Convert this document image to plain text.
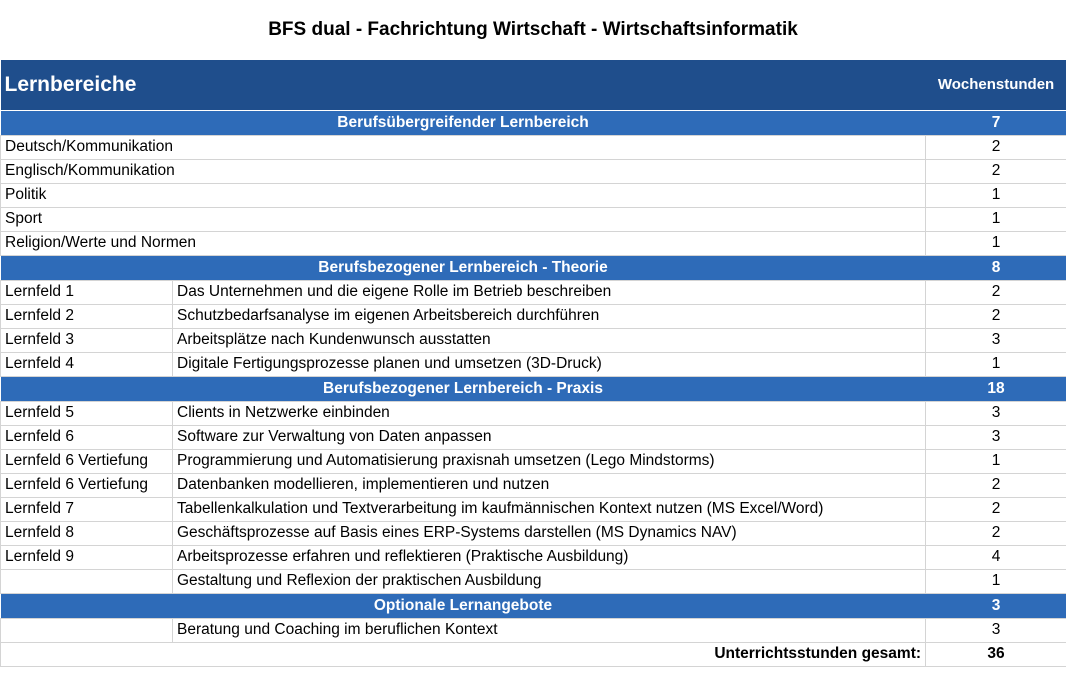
BFS dual - Fachrichtung Wirtschaft - Wirtschaftsinformatik
Lernbereiche		Wochenstunden
Berufsübergreifender Lernbereich		7
Deutsch/Kommunikation		2
Englisch/Kommunikation		2
Politik		1
Sport		1
Religion/Werte und Normen		1
Berufsbezogener Lernbereich - Theorie		8
Lernfeld 1	Das Unternehmen und die eigene Rolle im Betrieb beschreiben	2
Lernfeld 2	Schutzbedarfsanalyse im eigenen Arbeitsbereich durchführen	2
Lernfeld 3	Arbeitsplätze nach Kundenwunsch ausstatten	3
Lernfeld 4	Digitale Fertigungsprozesse planen und umsetzen (3D-Druck)	1
Berufsbezogener Lernbereich - Praxis		18
Lernfeld 5	Clients in Netzwerke einbinden	3
Lernfeld 6	Software zur Verwaltung von Daten anpassen	3
Lernfeld 6 Vertiefung	Programmierung und Automatisierung praxisnah umsetzen (Lego Mindstorms)	1
Lernfeld 6 Vertiefung	Datenbanken modellieren, implementieren und nutzen	2
Lernfeld 7	Tabellenkalkulation und Textverarbeitung im kaufmännischen Kontext nutzen (MS Excel/Word)	2
Lernfeld 8	Geschäftsprozesse auf Basis eines ERP-Systems darstellen (MS Dynamics NAV)	2
Lernfeld 9	Arbeitsprozesse erfahren und reflektieren (Praktische Ausbildung)	4
	Gestaltung und Reflexion der praktischen Ausbildung	1
Optionale Lernangebote		3
	Beratung und Coaching im beruflichen Kontext	3
Unterrichtsstunden gesamt:		36
